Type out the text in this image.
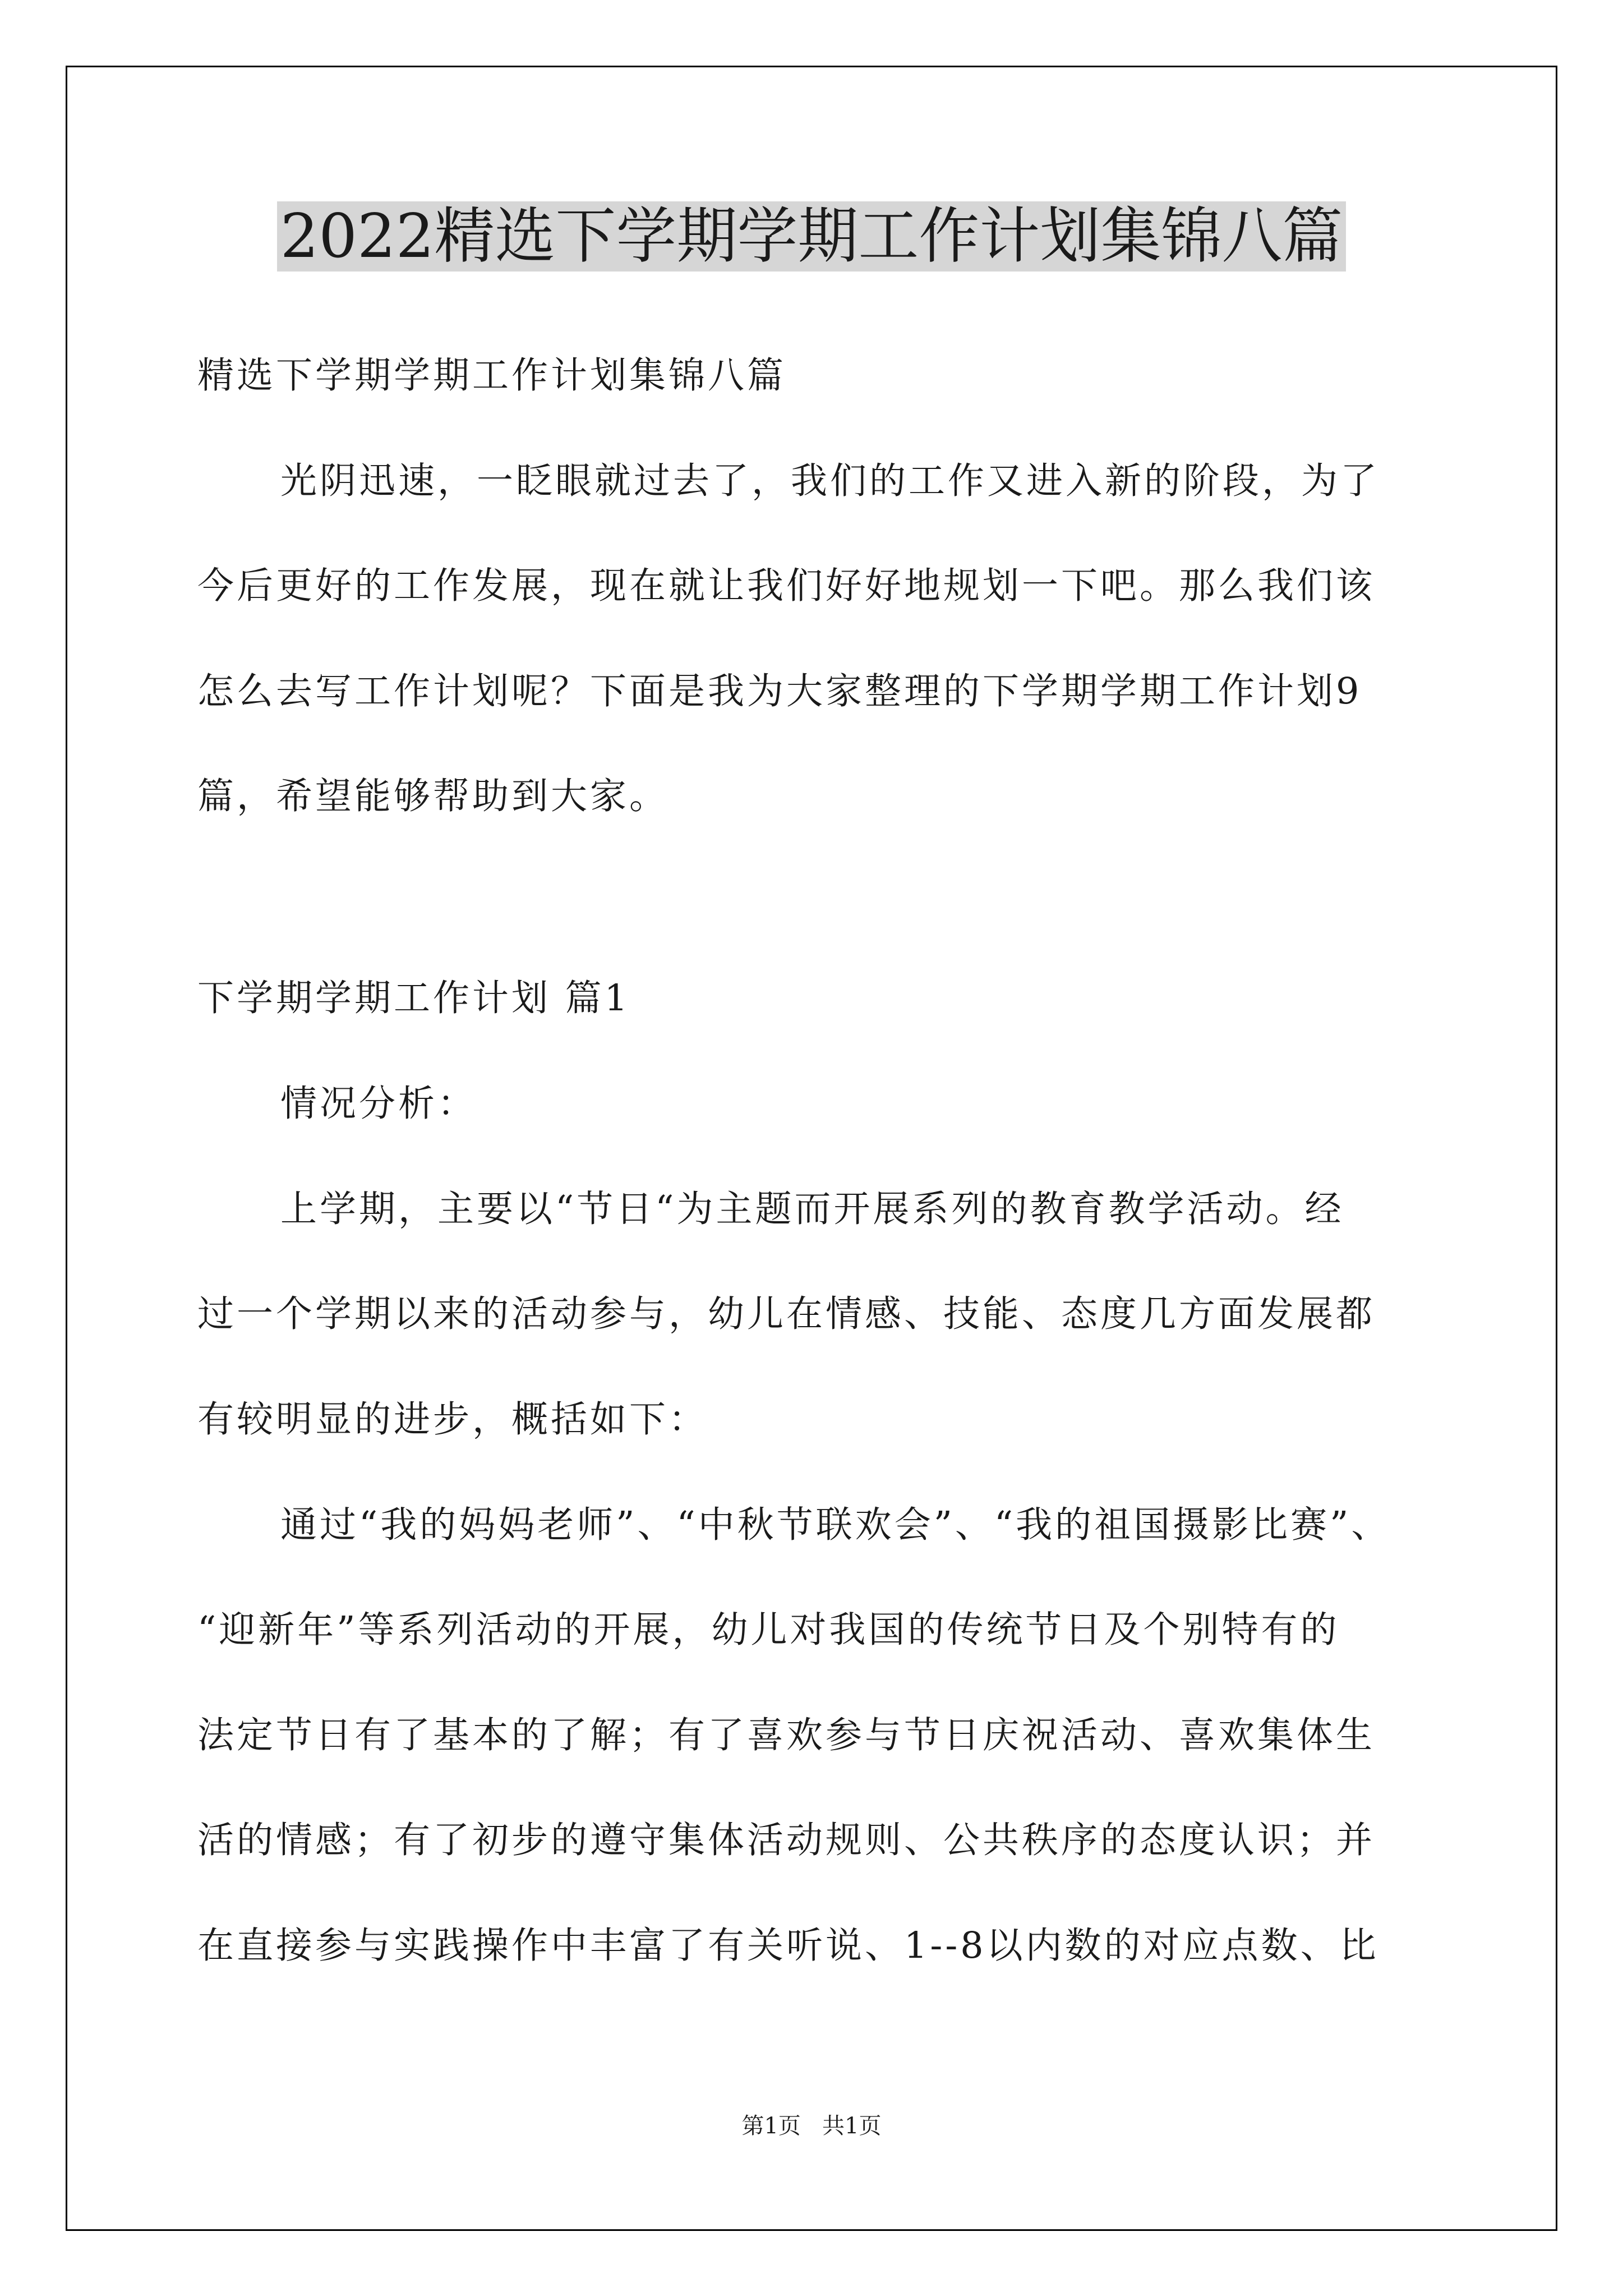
2022精选下学期学期工作计划集锦八篇
精选下学期学期工作计划集锦八篇
光阴迅速，一眨眼就过去了，我们的工作又进入新的阶段，为了
今后更好的工作发展，现在就让我们好好地规划一下吧。那么我们该
怎么去写工作计划呢？下面是我为大家整理的下学期学期工作计划9
篇，希望能够帮助到大家。
下学期学期工作计划 篇1
情况分析：
上学期，主要以“节日“为主题而开展系列的教育教学活动。经
过一个学期以来的活动参与，幼儿在情感、技能、态度几方面发展都
有较明显的进步，概括如下：
通过“我的妈妈老师”、“中秋节联欢会”、“我的祖国摄影比赛”、
“迎新年”等系列活动的开展，幼儿对我国的传统节日及个别特有的
法定节日有了基本的了解；有了喜欢参与节日庆祝活动、喜欢集体生
活的情感；有了初步的遵守集体活动规则、公共秩序的态度认识；并
在直接参与实践操作中丰富了有关听说、1--8以内数的对应点数、比
第1页   共1页
